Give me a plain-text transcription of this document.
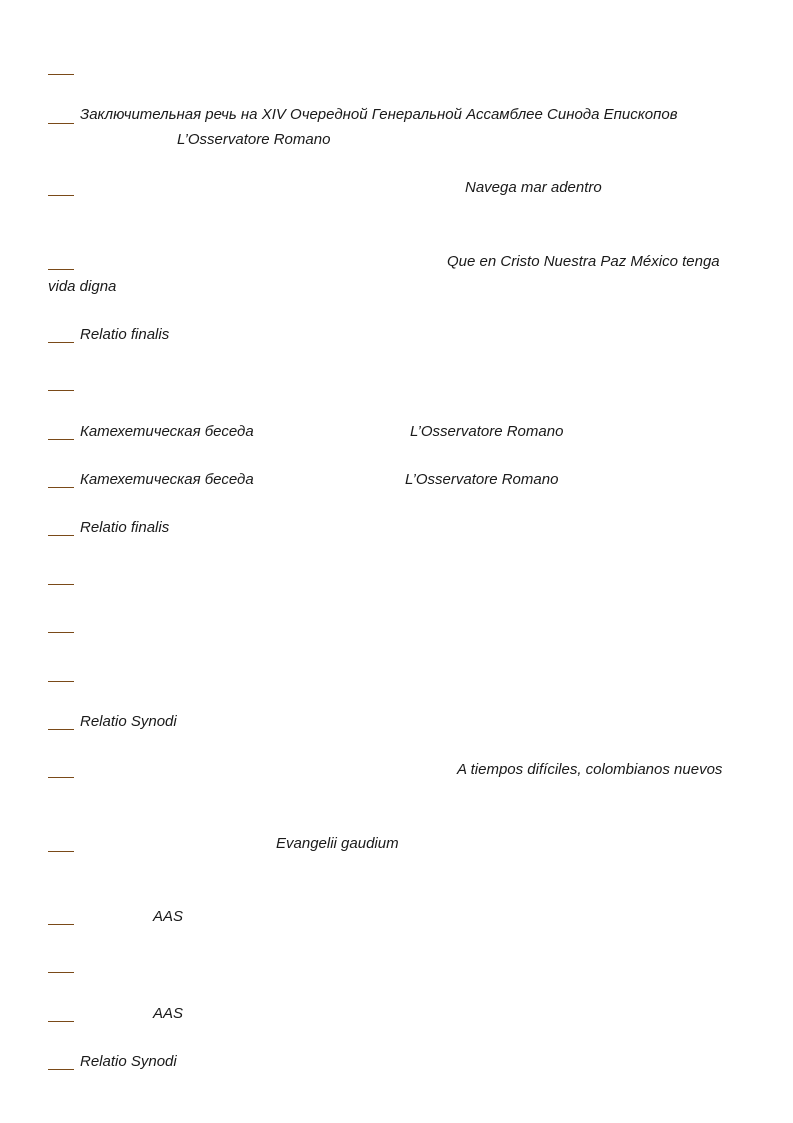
Заключительная речь на XIV Очередной Генеральной Ассамблее Синода Епископов
L’Osservatore Romano
Navega mar adentro
Que en Cristo Nuestra Paz México tenga
vida digna
Relatio finalis
Катехетическая беседа	L’Osservatore Romano
Катехетическая беседа	L’Osservatore Romano
Relatio finalis
Relatio Synodi
A tiempos difíciles, colombianos nuevos
Evangelii gaudium
AAS
AAS
Relatio Synodi
